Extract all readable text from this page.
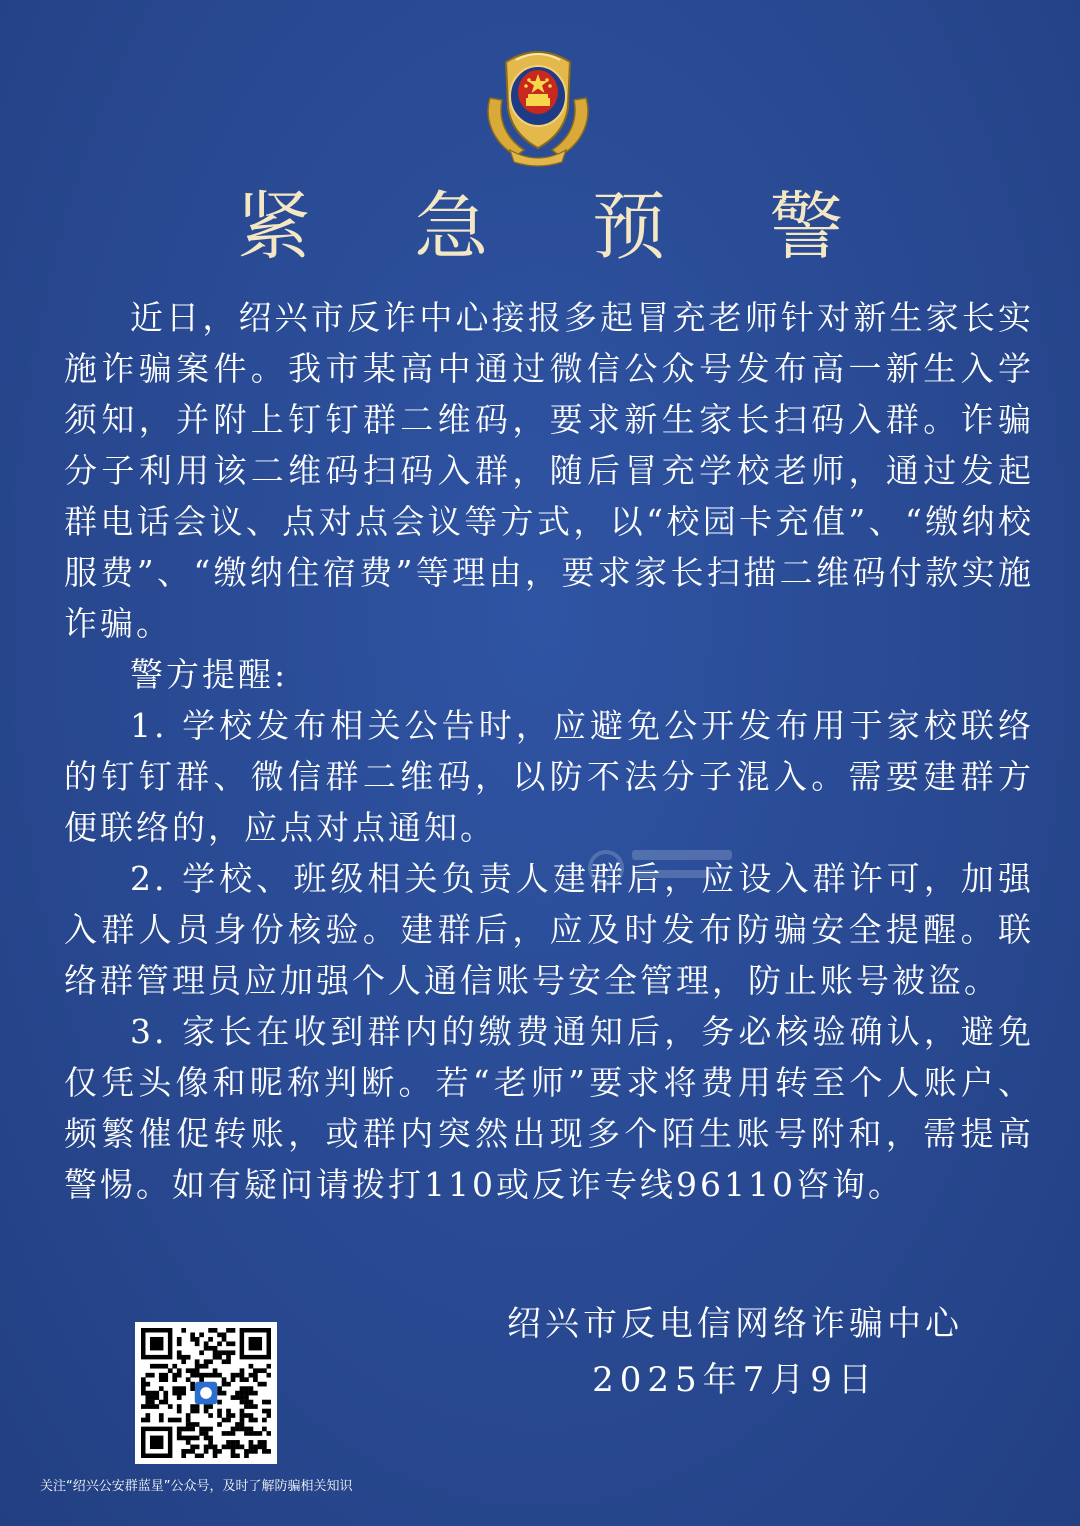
紧 急 预 警

近日，绍兴市反诈中心接报多起冒充老师针对新生家长实施诈骗案件。我市某高中通过微信公众号发布高一新生入学须知，并附上钉钉群二维码，要求新生家长扫码入群。诈骗分子利用该二维码扫码入群，随后冒充学校老师，通过发起群电话会议、点对点会议等方式，以“校园卡充值”、“缴纳校服费”、“缴纳住宿费”等理由，要求家长扫描二维码付款实施诈骗。

警方提醒:

1. 学校发布相关公告时，应避免公开发布用于家校联络的钉钉群、微信群二维码，以防不法分子混入。需要建群方便联络的，应点对点通知。

2. 学校、班级相关负责人建群后，应设入群许可，加强入群人员身份核验。建群后，应及时发布防骗安全提醒。联络群管理员应加强个人通信账号安全管理，防止账号被盗。

3. 家长在收到群内的缴费通知后，务必核验确认，避免仅凭头像和昵称判断。若“老师”要求将费用转至个人账户、频繁催促转账，或群内突然出现多个陌生账号附和，需提高警惕。如有疑问请拨打110或反诈专线96110咨询。

绍兴市反电信网络诈骗中心
2025年7月9日
关注“绍兴公安群蓝星”公众号，及时了解防骗相关知识
